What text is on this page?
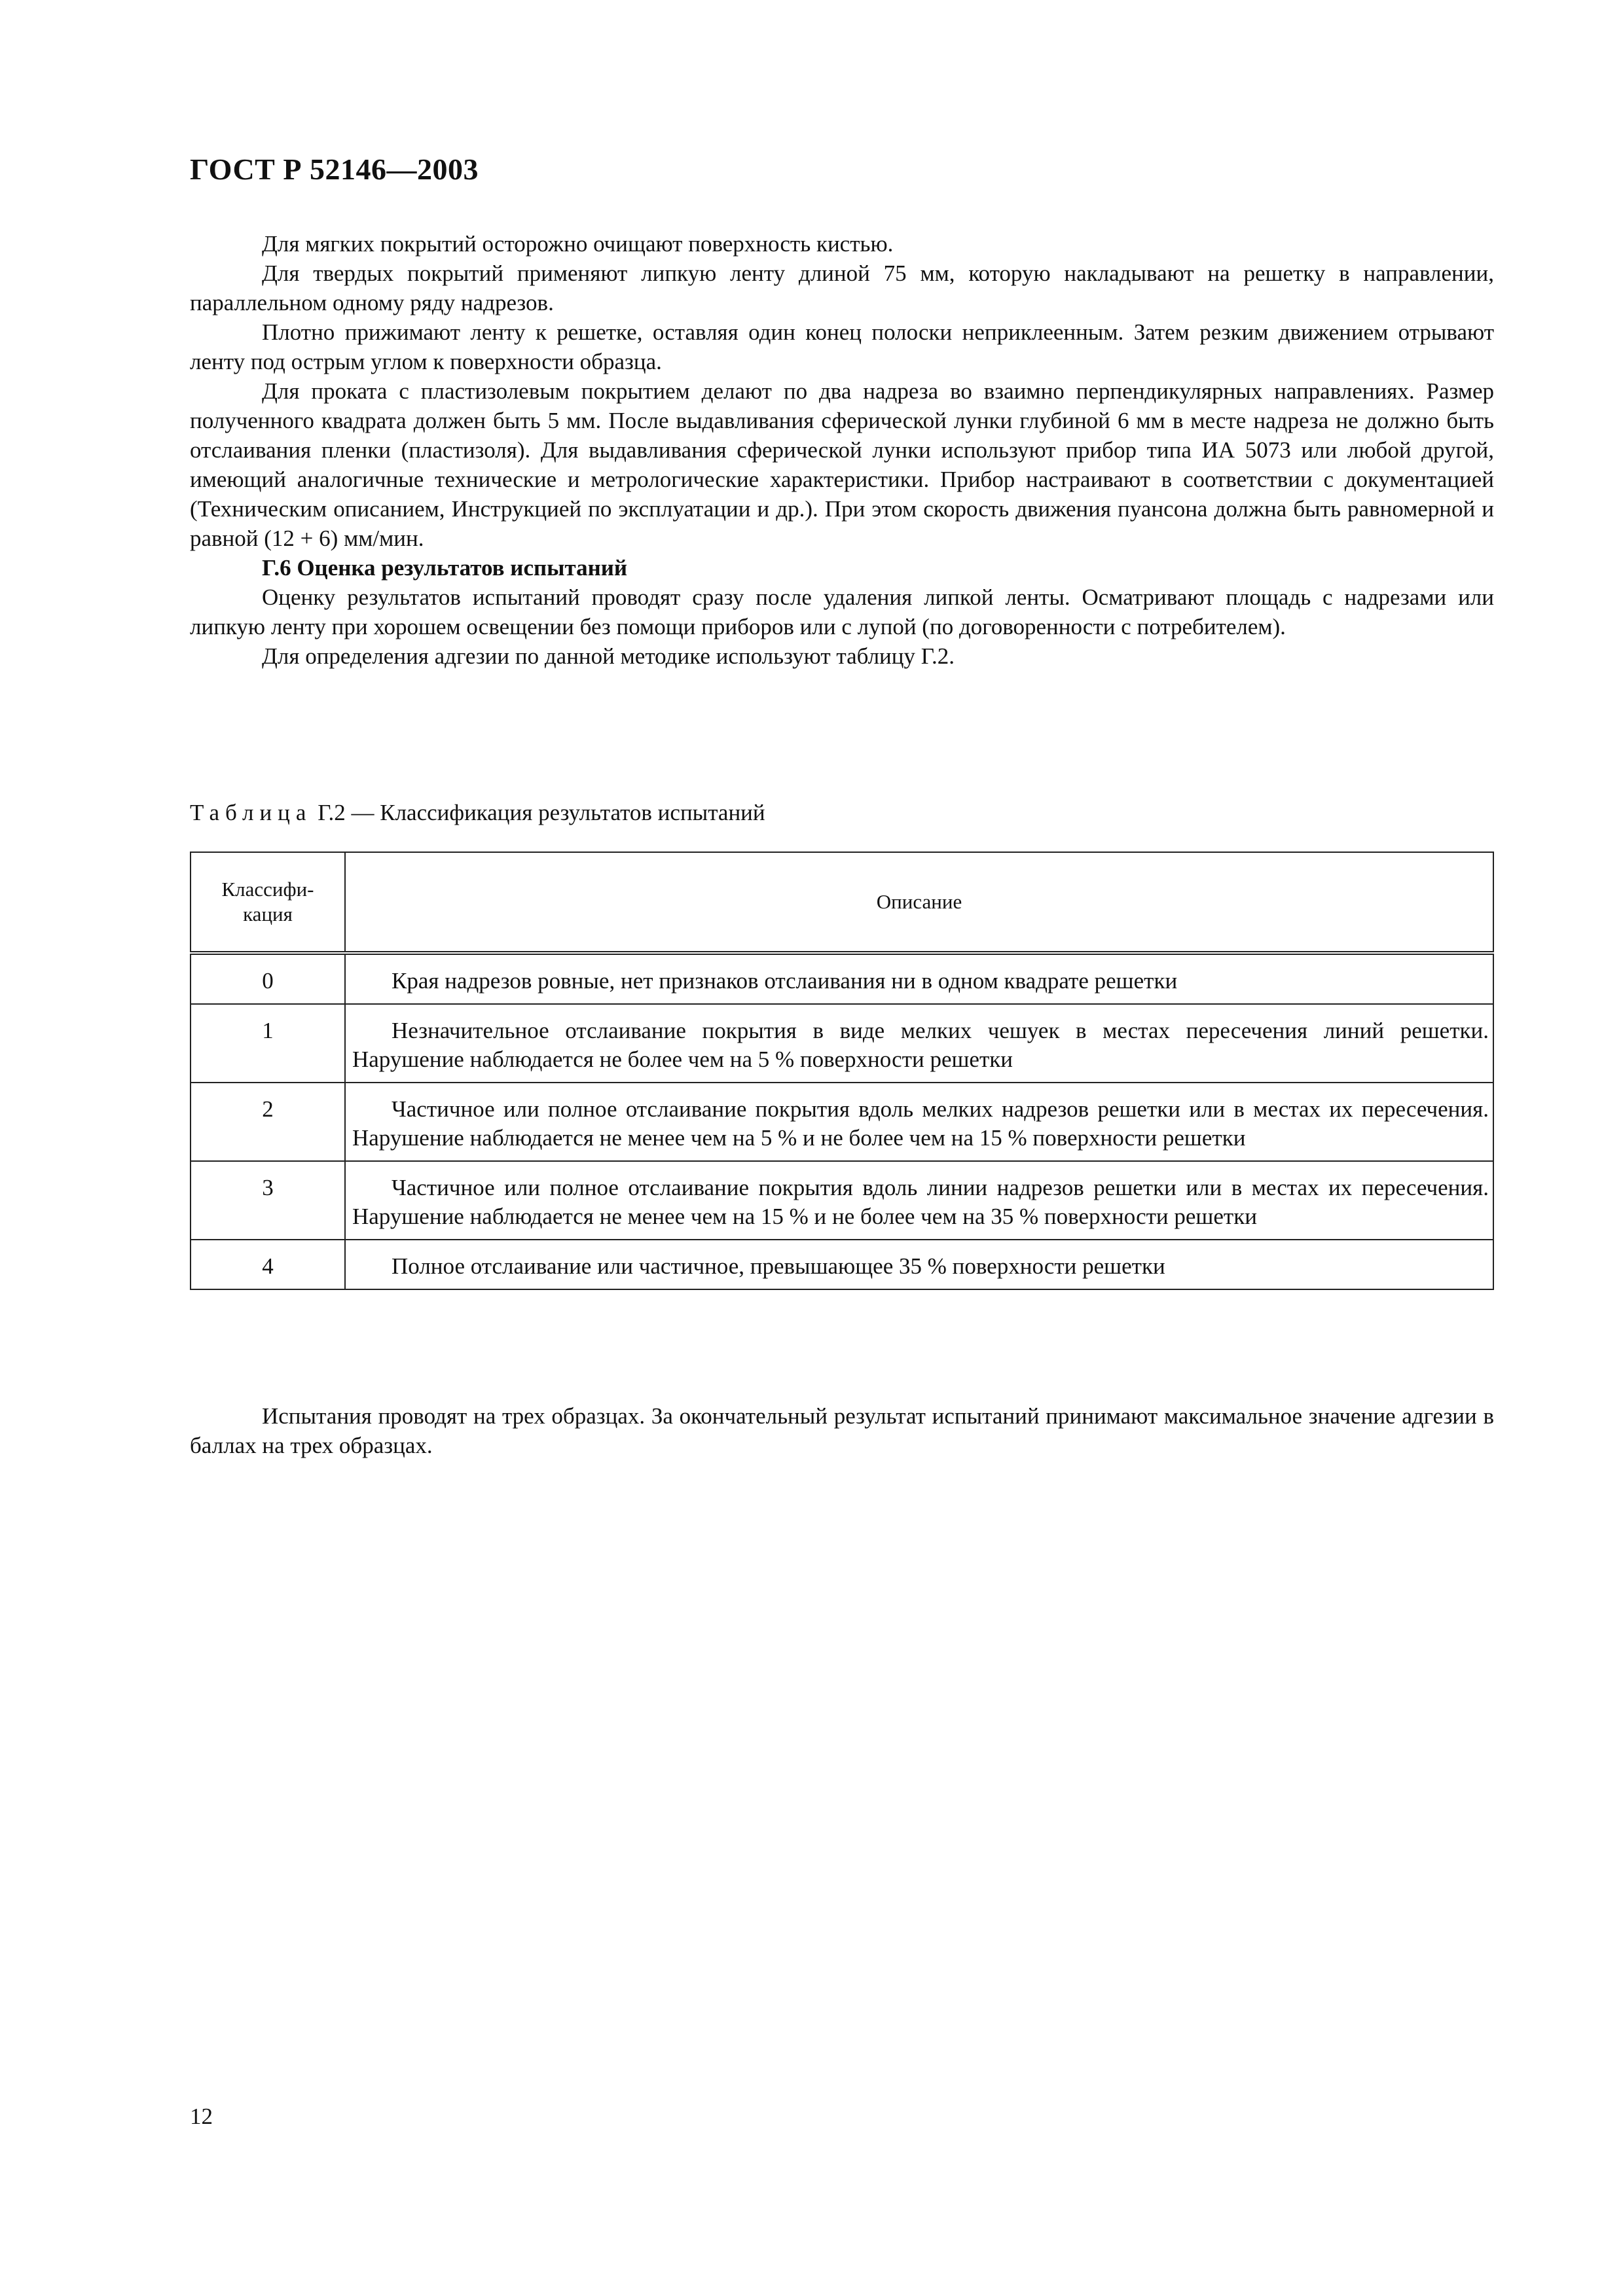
ГОСТ Р 52146—2003

Для мягких покрытий осторожно очищают поверхность кистью.

Для твердых покрытий применяют липкую ленту длиной 75 мм, которую накладывают на решетку в направлении, параллельном одному ряду надрезов.

Плотно прижимают ленту к решетке, оставляя один конец полоски неприклеенным. Затем резким движением отрывают ленту под острым углом к поверхности образца.

Для проката с пластизолевым покрытием делают по два надреза во взаимно перпендикулярных направлениях. Размер полученного квадрата должен быть 5 мм. После выдавливания сферической лунки глубиной 6 мм в месте надреза не должно быть отслаивания пленки (пластизоля). Для выдавливания сферической лунки используют прибор типа ИА 5073 или любой другой, имеющий аналогичные технические и метрологические характеристики. Прибор настраивают в соответствии с документацией (Техническим описанием, Инструкцией по эксплуатации и др.). При этом скорость движения пуансона должна быть равномерной и равной (12 + 6) мм/мин.

Г.6 Оценка результатов испытаний

Оценку результатов испытаний проводят сразу после удаления липкой ленты. Осматривают площадь с надрезами или липкую ленту при хорошем освещении без помощи приборов или с лупой (по договоренности с потребителем).

Для определения адгезии по данной методике используют таблицу Г.2.

Таблица Г.2 — Классификация результатов испытаний
Классифи-
кация	Описание
0	Края надрезов ровные, нет признаков отслаивания ни в одном квадрате решетки
1	Незначительное отслаивание покрытия в виде мелких чешуек в местах пересечения линий решетки. Нарушение наблюдается не более чем на 5 % поверхности решетки
2	Частичное или полное отслаивание покрытия вдоль мелких надрезов решетки или в местах их пересечения. Нарушение наблюдается не менее чем на 5 % и не более чем на 15 % поверхности решетки
3	Частичное или полное отслаивание покрытия вдоль линии надрезов решетки или в местах их пересечения. Нарушение наблюдается не менее чем на 15 % и не более чем на 35 % поверхности решетки
4	Полное отслаивание или частичное, превышающее 35 % поверхности решетки

Испытания проводят на трех образцах. За окончательный результат испытаний принимают максимальное значение адгезии в баллах на трех образцах.

12
